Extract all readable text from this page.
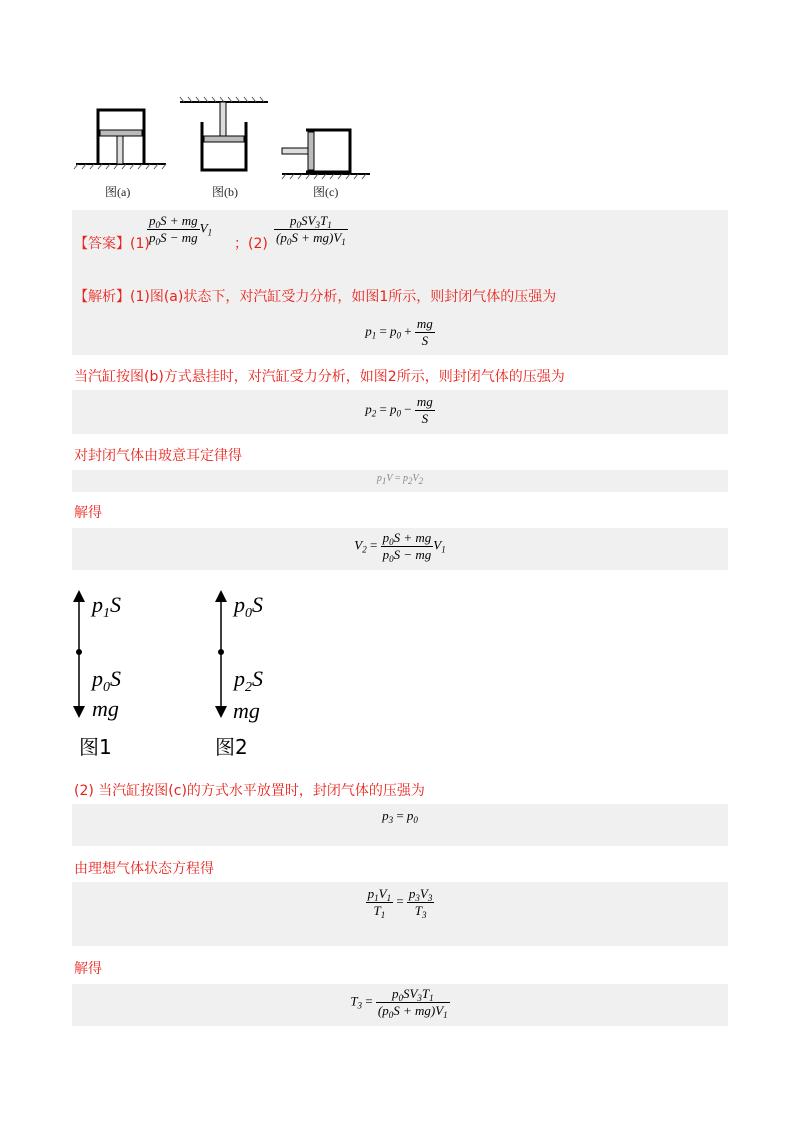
图(a)	图(b)	图(c)
【答案】(1)
$\frac{p_0S + mg}{p_0S - mg} V_1$
；$(2) \frac{p_0SV_3T_1}{(p_0S + mg)V_1}$
【解析】(1)图(a)状态下，对汽缸受力分析，如图1所示，则封闭气体的压强为
$p_1 = p_0 + \frac{mg}{S}$
当汽缸按图(b)方式悬挂时，对汽缸受力分析，如图2所示，则封闭气体的压强为
$p_2 = p_0 - \frac{mg}{S}$
对封闭气体由玻意耳定律得
$p_1V = p_2V_2$
解得
$V_2 = \frac{p_0S + mg}{p_0S - mg} V_1$
$p_1S$
$p_0S$
mg
图1
$p_0S$
$p_2S$
mg
图2
(2) 当汽缸按图(c)的方式水平放置时，封闭气体的压强为
$p_3 = p_0$
由理想气体状态方程得
$\frac{p_1V_1}{T_1} = \frac{p_3V_3}{T_3}$
解得
$T_3 = \frac{p_0SV_3T_1}{(p_0S + mg)V_1}$
